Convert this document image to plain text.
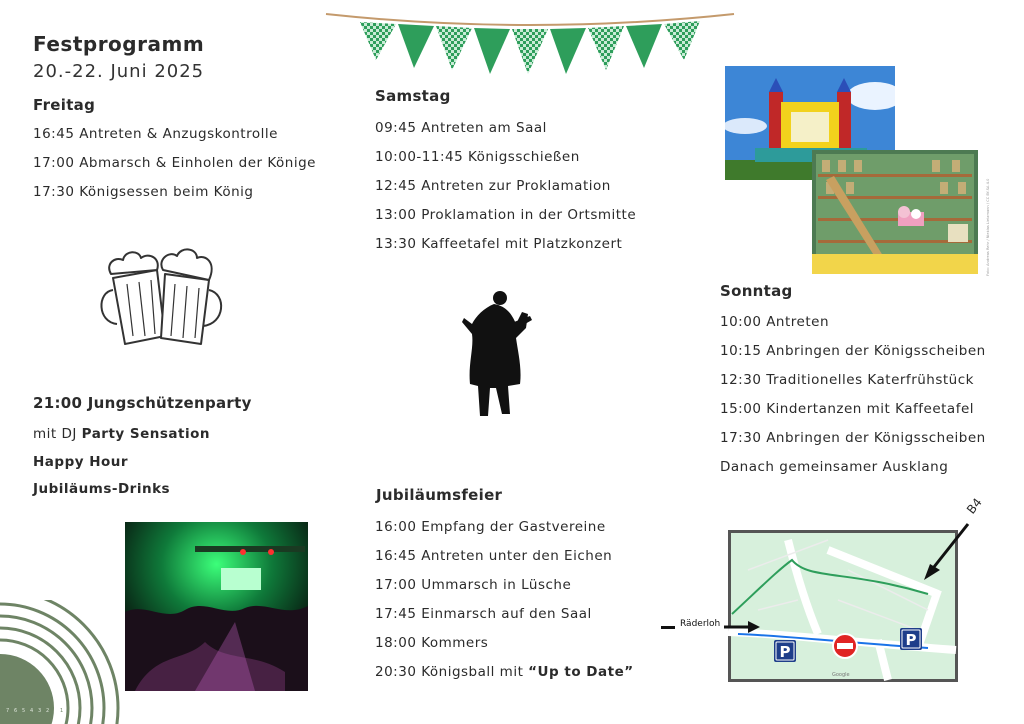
Festprogramm
20.-22. Juni 2025
Freitag
16:45 Antreten & Anzugskontrolle
17:00 Abmarsch & Einholen der Könige
17:30 Königsessen beim König
21:00 Jungschützenparty
mit DJ Party Sensation
Happy Hour
Jubiläums-Drinks
7 6 5 4 3 2 1
Samstag
09:45 Antreten am Saal
10:00-11:45 Königsschießen
12:45 Antreten zur Proklamation
13:00 Proklamation in der Ortsmitte
13:30 Kaffeetafel mit Platzkonzert
Jubiläumsfeier
16:00 Empfang der Gastvereine
16:45 Antreten unter den Eichen
17:00 Ummarsch in Lüsche
17:45 Einmarsch auf den Saal
18:00 Kommers
20:30 Königsball mit “Up to Date”
Foto: Andreas Rehr / Nieklas Lietzmann / CC BY-SA 4.0
Sonntag
10:00 Antreten
10:15 Anbringen der Königsscheiben
12:30 Traditionelles Katerfrühstück
15:00 Kindertanzen mit Kaffeetafel
17:30 Anbringen der Königsscheiben
Danach gemeinsamer Ausklang
P
P
Google
B4
Räderloh
